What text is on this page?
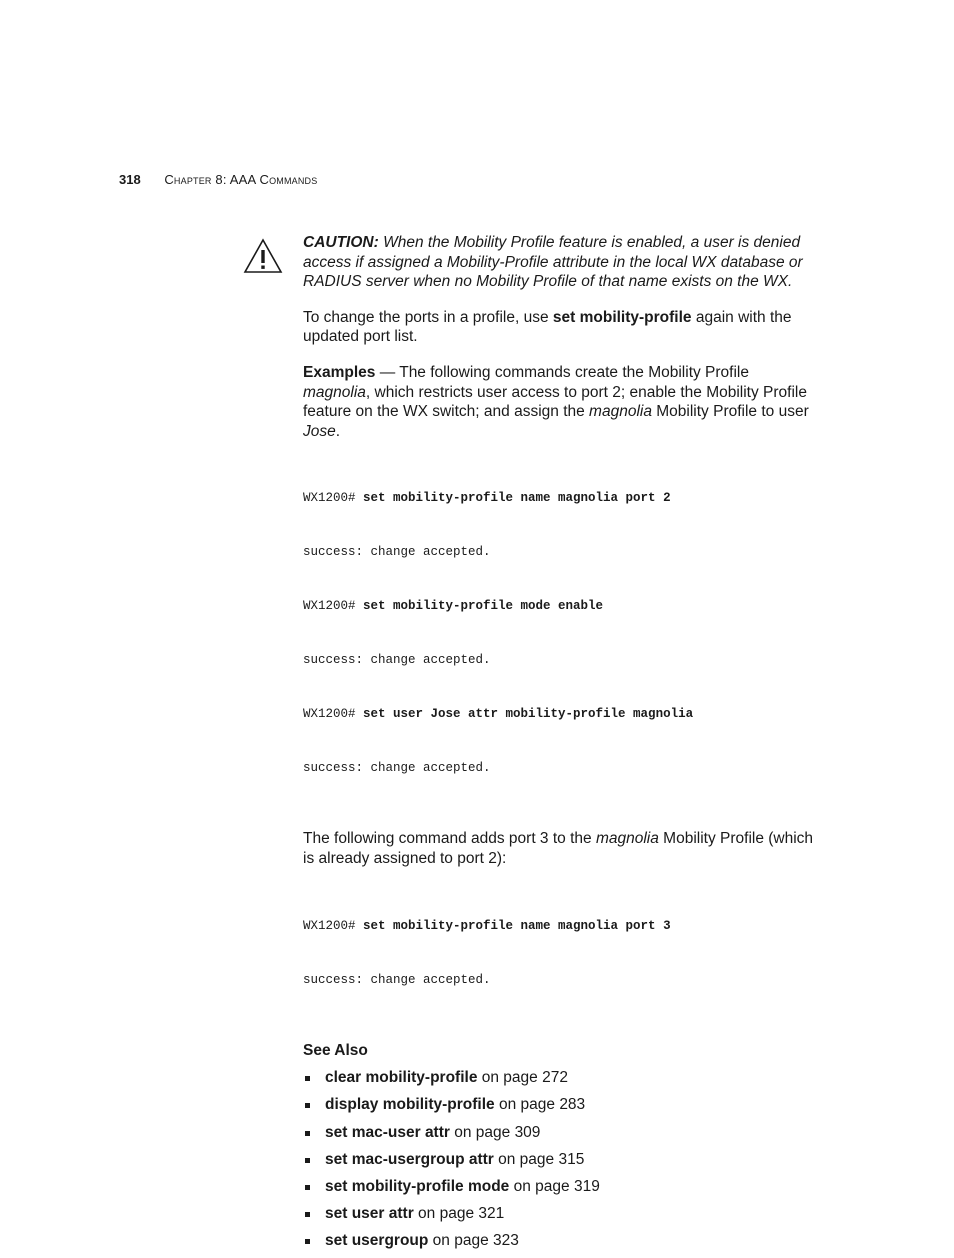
318 Chapter 8: AAA Commands

CAUTION: When the Mobility Profile feature is enabled, a user is denied access if assigned a Mobility-Profile attribute in the local WX database or RADIUS server when no Mobility Profile of that name exists on the WX.

To change the ports in a profile, use set mobility-profile again with the updated port list.

Examples — The following commands create the Mobility Profile magnolia, which restricts user access to port 2; enable the Mobility Profile feature on the WX switch; and assign the magnolia Mobility Profile to user Jose.

WX1200# set mobility-profile name magnolia port 2

success: change accepted.

WX1200# set mobility-profile mode enable

success: change accepted.

WX1200# set user Jose attr mobility-profile magnolia

success: change accepted.

The following command adds port 3 to the magnolia Mobility Profile (which is already assigned to port 2):

WX1200# set mobility-profile name magnolia port 3

success: change accepted.

See Also
clear mobility-profile on page 272
display mobility-profile on page 283
set mac-user attr on page 309
set mac-usergroup attr on page 315
set mobility-profile mode on page 319
set user attr on page 321
set usergroup on page 323
